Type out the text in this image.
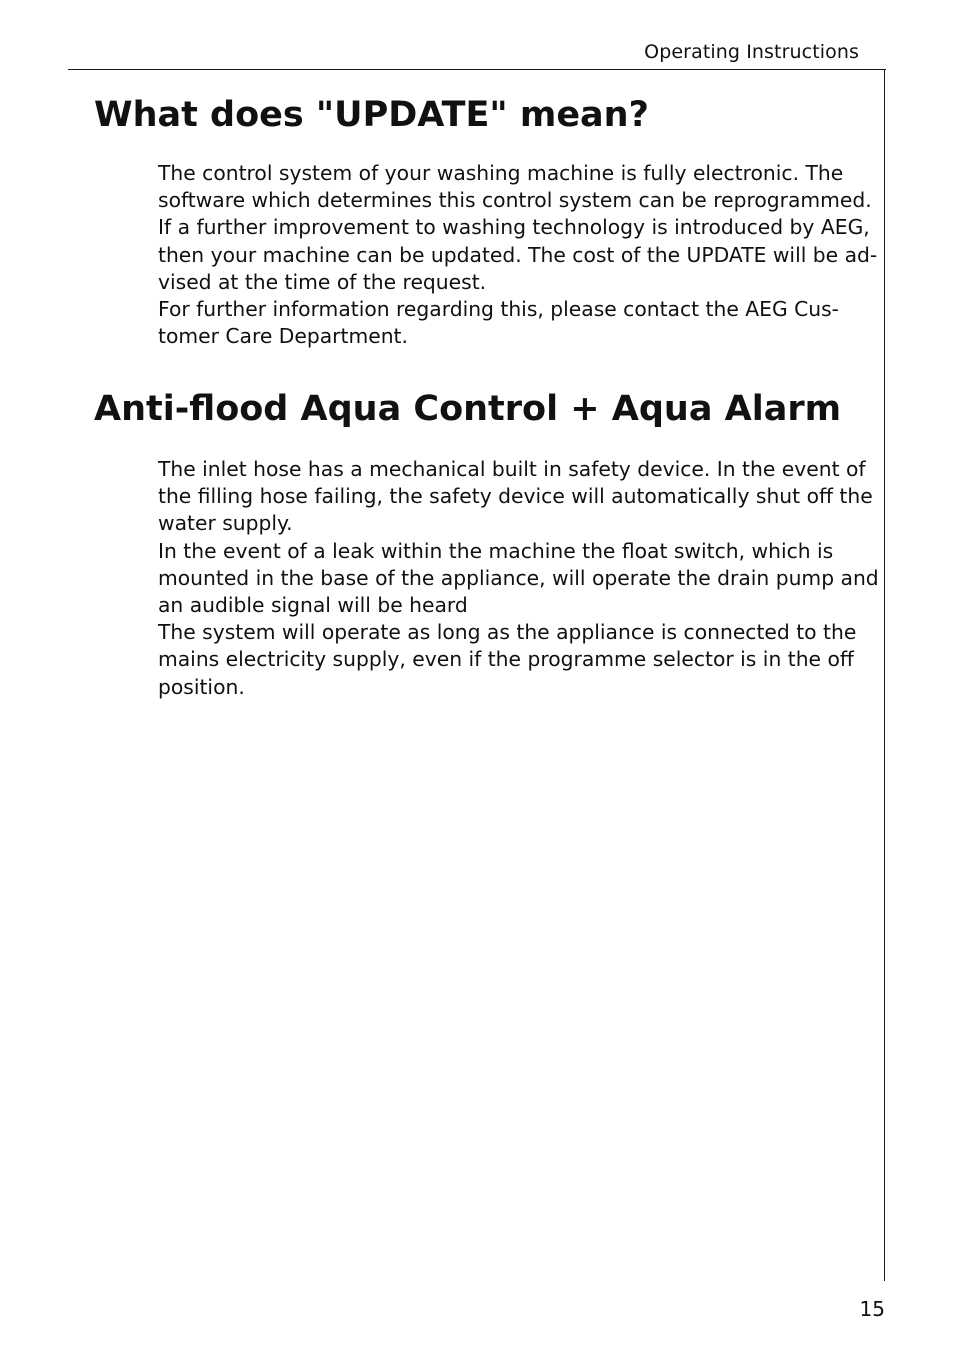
Operating Instructions
What does "UPDATE" mean?
The control system of your washing machine is fully electronic. The
software which determines this control system can be reprogrammed.
If a further improvement to washing technology is introduced by AEG,
then your machine can be updated. The cost of the UPDATE will be ad-
vised at the time of the request.
For further information regarding this, please contact the AEG Cus-
tomer Care Department.
Anti-flood Aqua Control + Aqua Alarm
The inlet hose has a mechanical built in safety device. In the event of
the filling hose failing, the safety device will automatically shut off the
water supply.
In the event of a leak within the machine the float switch, which is
mounted in the base of the appliance, will operate the drain pump and
an audible signal will be heard
The system will operate as long as the appliance is connected to the
mains electricity supply, even if the programme selector is in the off
position.
15
